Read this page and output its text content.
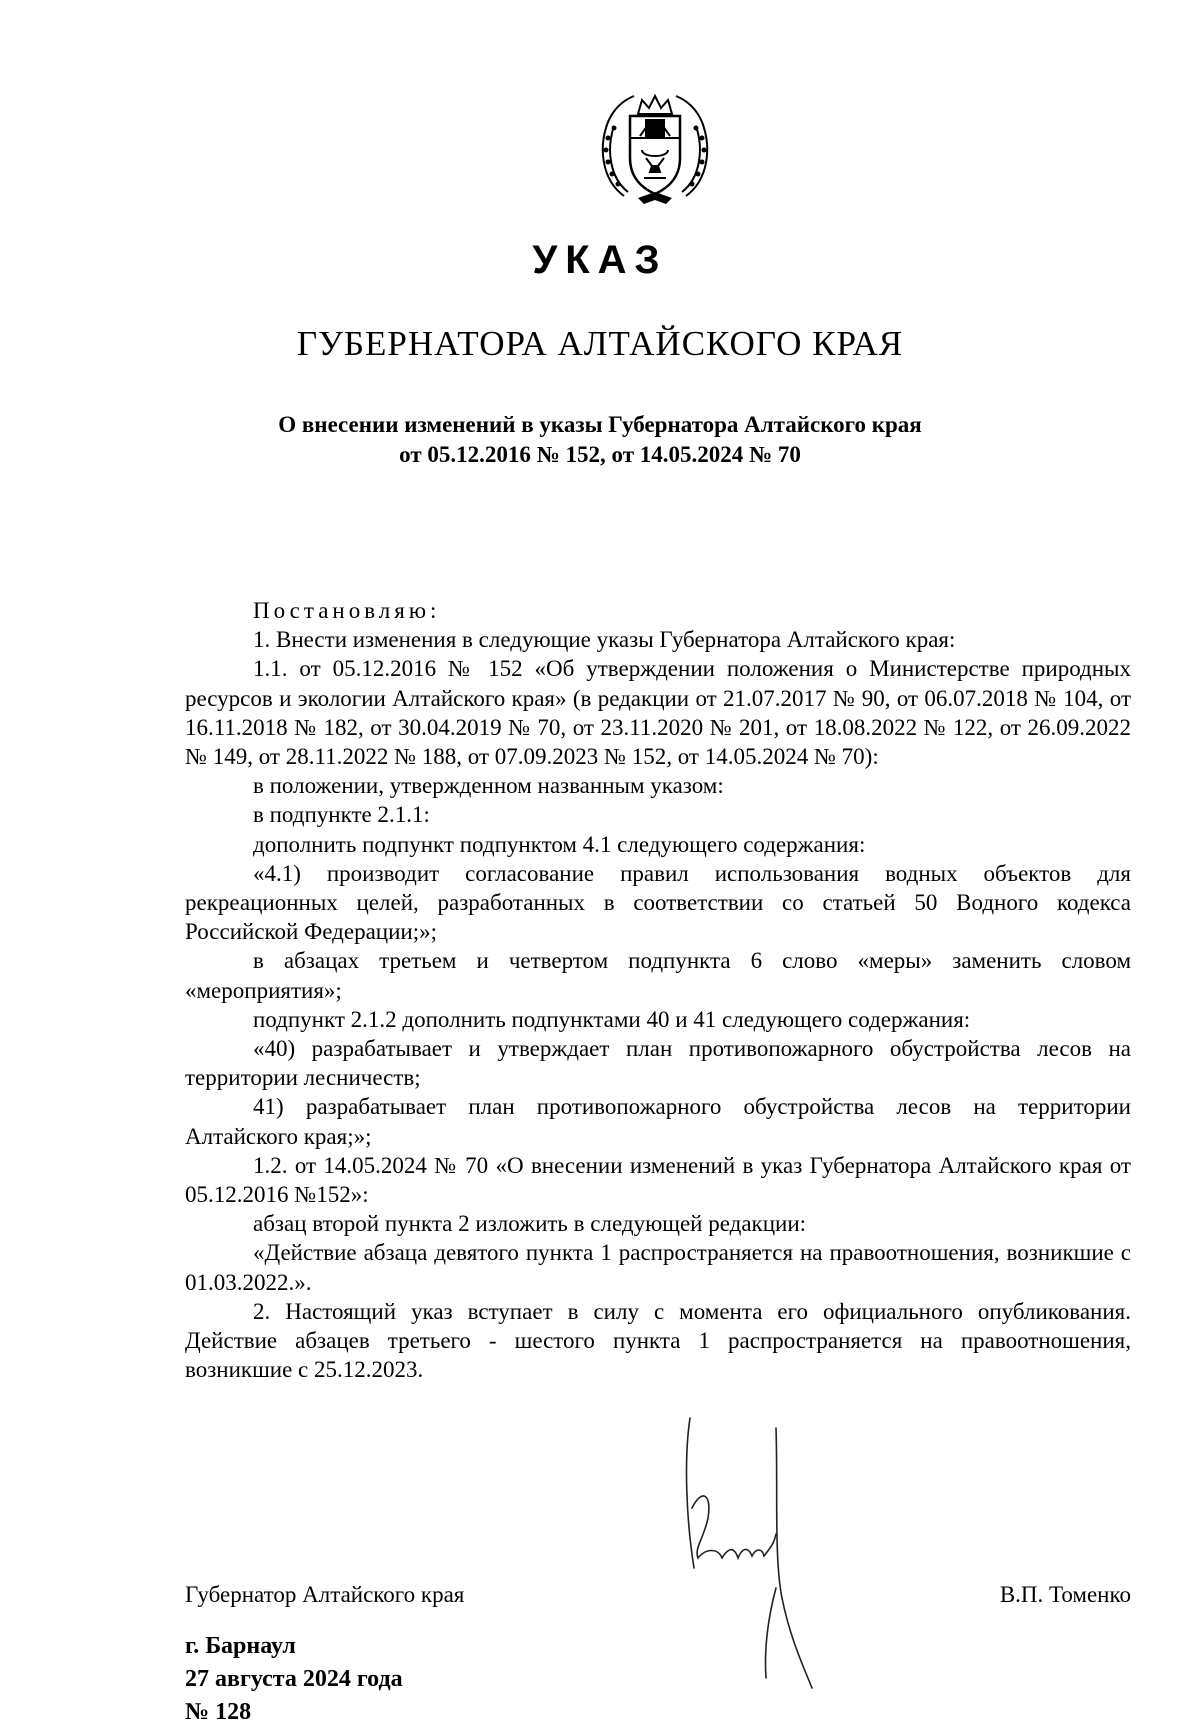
УКАЗ
ГУБЕРНАТОРА АЛТАЙСКОГО КРАЯ
О внесении изменений в указы Губернатора Алтайского края
от 05.12.2016 № 152, от 14.05.2024 № 70

Постановляю:

1. Внести изменения в следующие указы Губернатора Алтайского края:

1.1. от 05.12.2016 № 152 «Об утверждении положения о Министерстве природных ресурсов и экологии Алтайского края» (в редакции от 21.07.2017 № 90, от 06.07.2018 № 104, от 16.11.2018 № 182, от 30.04.2019 № 70, от 23.11.2020 № 201, от 18.08.2022 № 122, от 26.09.2022 № 149, от 28.11.2022 № 188, от 07.09.2023 № 152, от 14.05.2024 № 70):

в положении, утвержденном названным указом:

в подпункте 2.1.1:

дополнить подпункт подпунктом 4.1 следующего содержания:

«4.1) производит согласование правил использования водных объектов для рекреационных целей, разработанных в соответствии со статьей 50 Водного кодекса Российской Федерации;»;

в абзацах третьем и четвертом подпункта 6 слово «меры» заменить словом «мероприятия»;

подпункт 2.1.2 дополнить подпунктами 40 и 41 следующего содержания:

«40) разрабатывает и утверждает план противопожарного обустройства лесов на территории лесничеств;

41) разрабатывает план противопожарного обустройства лесов на территории Алтайского края;»;

1.2. от 14.05.2024 № 70 «О внесении изменений в указ Губернатора Алтайского края от 05.12.2016 №152»:

абзац второй пункта 2 изложить в следующей редакции:

«Действие абзаца девятого пункта 1 распространяется на правоотношения, возникшие с 01.03.2022.».

2. Настоящий указ вступает в силу с момента его официального опубликования. Действие абзацев третьего - шестого пункта 1 распространяется на правоотношения, возникшие с 25.12.2023.

Губернатор Алтайского края	В.П. Томенко
г. Барнаул
27 августа 2024 года
№ 128
